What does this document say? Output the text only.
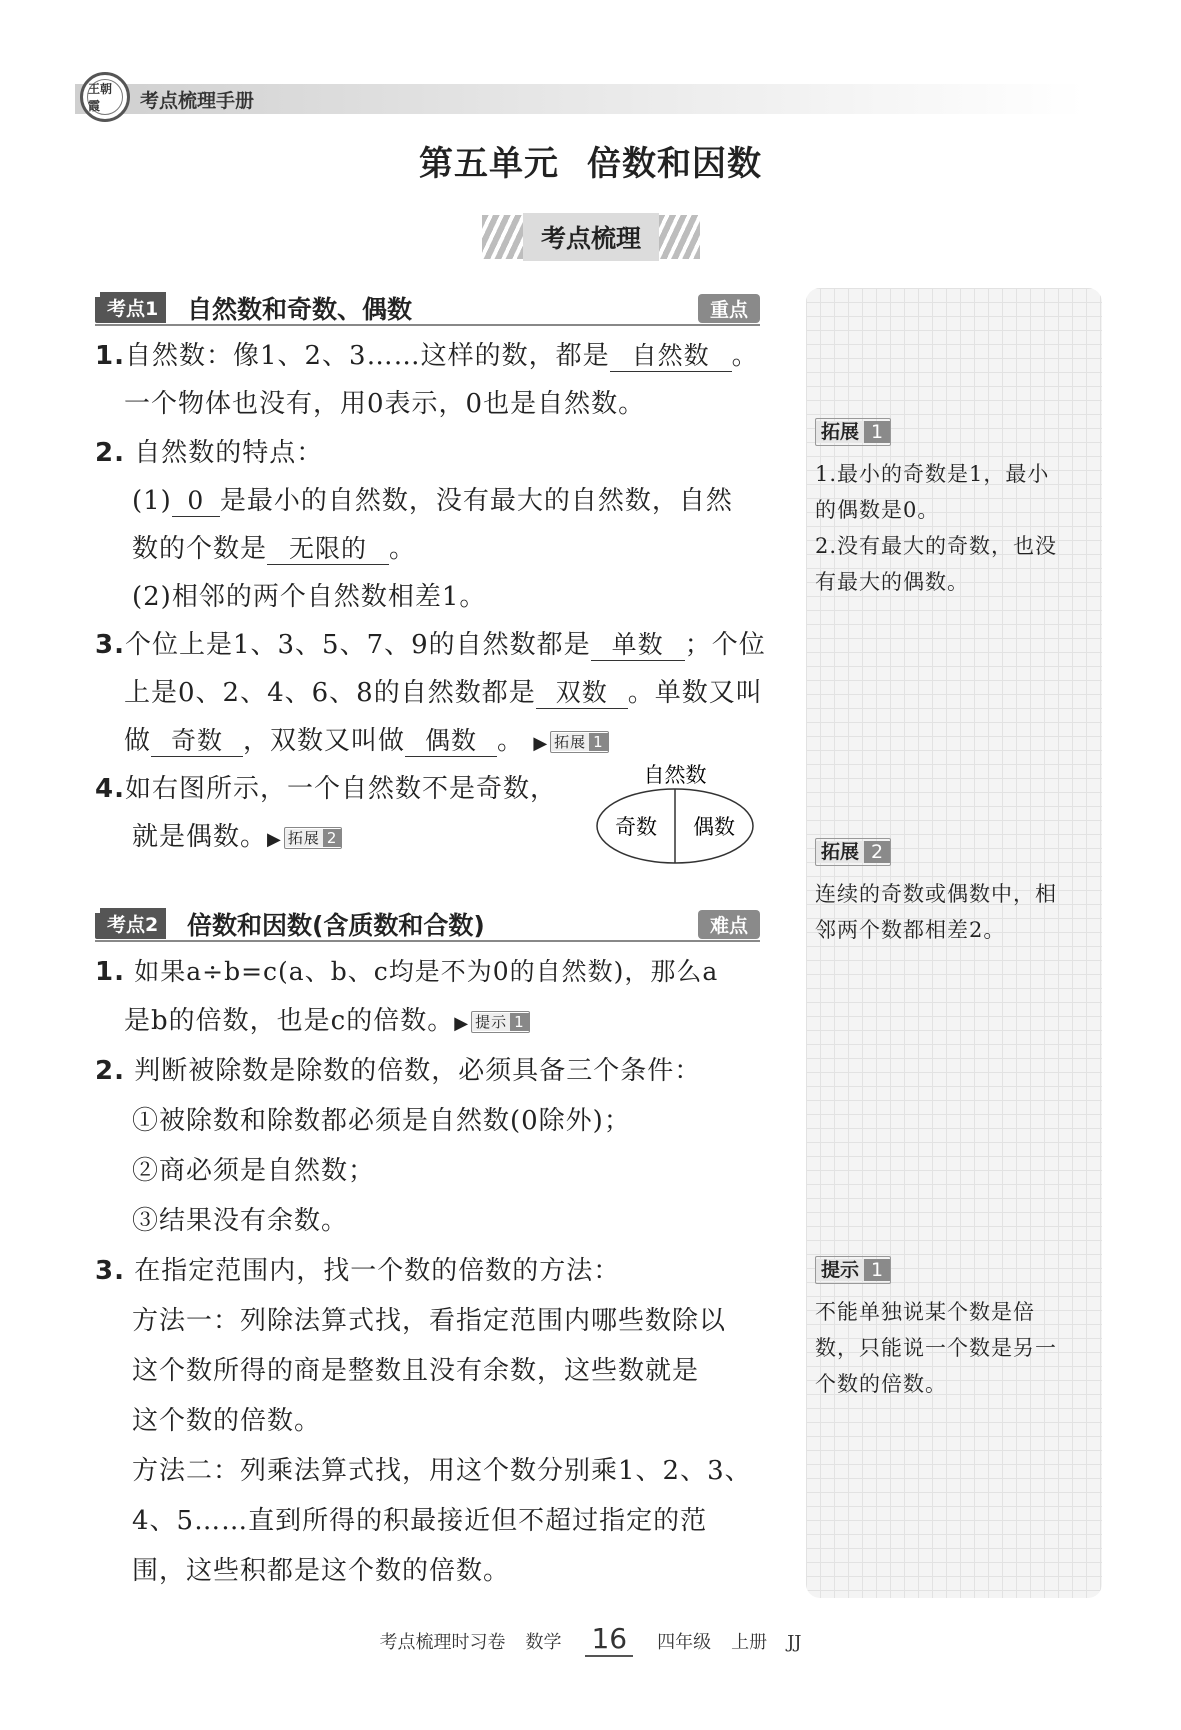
王朝霞	考点梳理手册
第五单元 倍数和因数
考点梳理
考点1	自然数和奇数、偶数	重点
1.自然数：像1、2、3……这样的数，都是 自然数 。
一个物体也没有，用0表示，0也是自然数。
2. 自然数的特点：
(1) 0 是最小的自然数，没有最大的自然数，自然
数的个数是 无限的 。
(2)相邻的两个自然数相差1。
3.个位上是1、3、5、7、9的自然数都是 单数 ；个位
上是0、2、4、6、8的自然数都是 双数 。单数又叫
做 奇数 ，双数又叫做 偶数 。 ▶ 拓展 1
4.如右图所示，一个自然数不是奇数，
就是偶数。▶ 拓展 2
自然数
奇数 偶数
考点2	倍数和因数(含质数和合数)	难点
1. 如果a÷b=c(a、b、c均是不为0的自然数)，那么a
是b的倍数，也是c的倍数。▶ 提示 1
2. 判断被除数是除数的倍数，必须具备三个条件：
①被除数和除数都必须是自然数(0除外)；
②商必须是自然数；
③结果没有余数。
3. 在指定范围内，找一个数的倍数的方法：
方法一：列除法算式找，看指定范围内哪些数除以
这个数所得的商是整数且没有余数，这些数就是
这个数的倍数。
方法二：列乘法算式找，用这个数分别乘1、2、3、
4、5……直到所得的积最接近但不超过指定的范
围，这些积都是这个数的倍数。
拓展 1
1.最小的奇数是1，最小
的偶数是0。
2.没有最大的奇数，也没
有最大的偶数。
拓展 2
连续的奇数或偶数中，相
邻两个数都相差2。
提示 1
不能单独说某个数是倍
数，只能说一个数是另一
个数的倍数。
考点梳理时习卷 数学 16 四年级 上册 JJ
